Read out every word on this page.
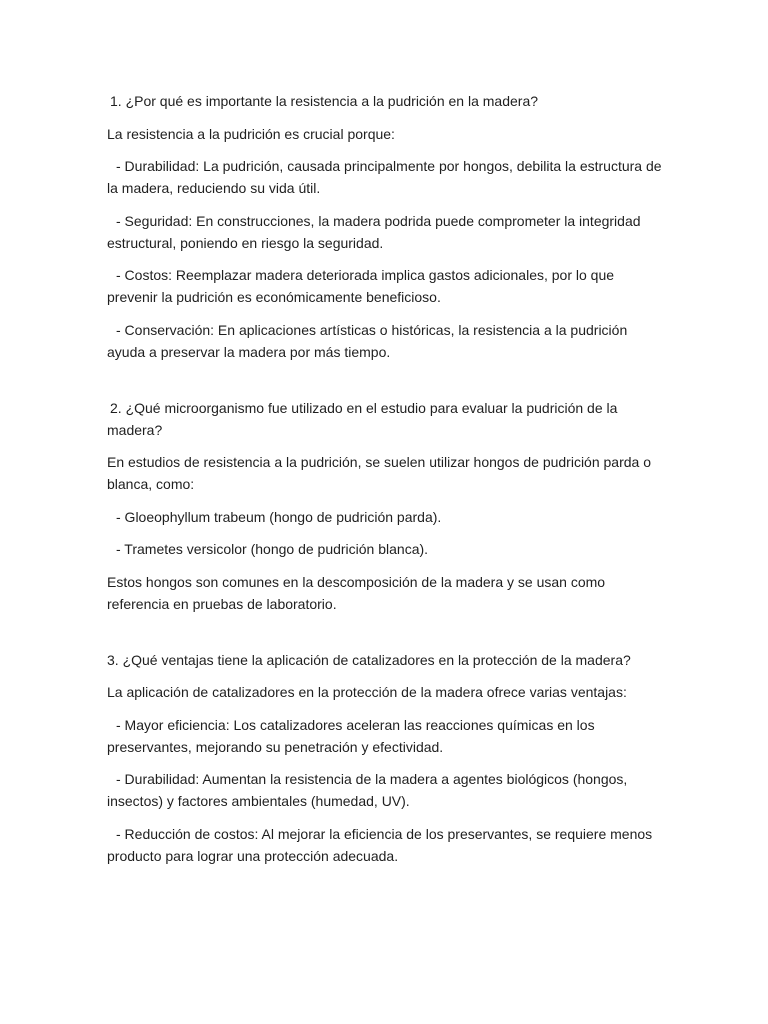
1. ¿Por qué es importante la resistencia a la pudrición en la madera?

La resistencia a la pudrición es crucial porque:

- Durabilidad: La pudrición, causada principalmente por hongos, debilita la estructura de la madera, reduciendo su vida útil.

- Seguridad: En construcciones, la madera podrida puede comprometer la integridad estructural, poniendo en riesgo la seguridad.

- Costos: Reemplazar madera deteriorada implica gastos adicionales, por lo que prevenir la pudrición es económicamente beneficioso.

- Conservación: En aplicaciones artísticas o históricas, la resistencia a la pudrición ayuda a preservar la madera por más tiempo.

2. ¿Qué microorganismo fue utilizado en el estudio para evaluar la pudrición de la madera?

En estudios de resistencia a la pudrición, se suelen utilizar hongos de pudrición parda o blanca, como:

- Gloeophyllum trabeum (hongo de pudrición parda).

- Trametes versicolor (hongo de pudrición blanca).

Estos hongos son comunes en la descomposición de la madera y se usan como referencia en pruebas de laboratorio.

3. ¿Qué ventajas tiene la aplicación de catalizadores en la protección de la madera?

La aplicación de catalizadores en la protección de la madera ofrece varias ventajas:

- Mayor eficiencia: Los catalizadores aceleran las reacciones químicas en los preservantes, mejorando su penetración y efectividad.

- Durabilidad: Aumentan la resistencia de la madera a agentes biológicos (hongos, insectos) y factores ambientales (humedad, UV).

- Reducción de costos: Al mejorar la eficiencia de los preservantes, se requiere menos producto para lograr una protección adecuada.
